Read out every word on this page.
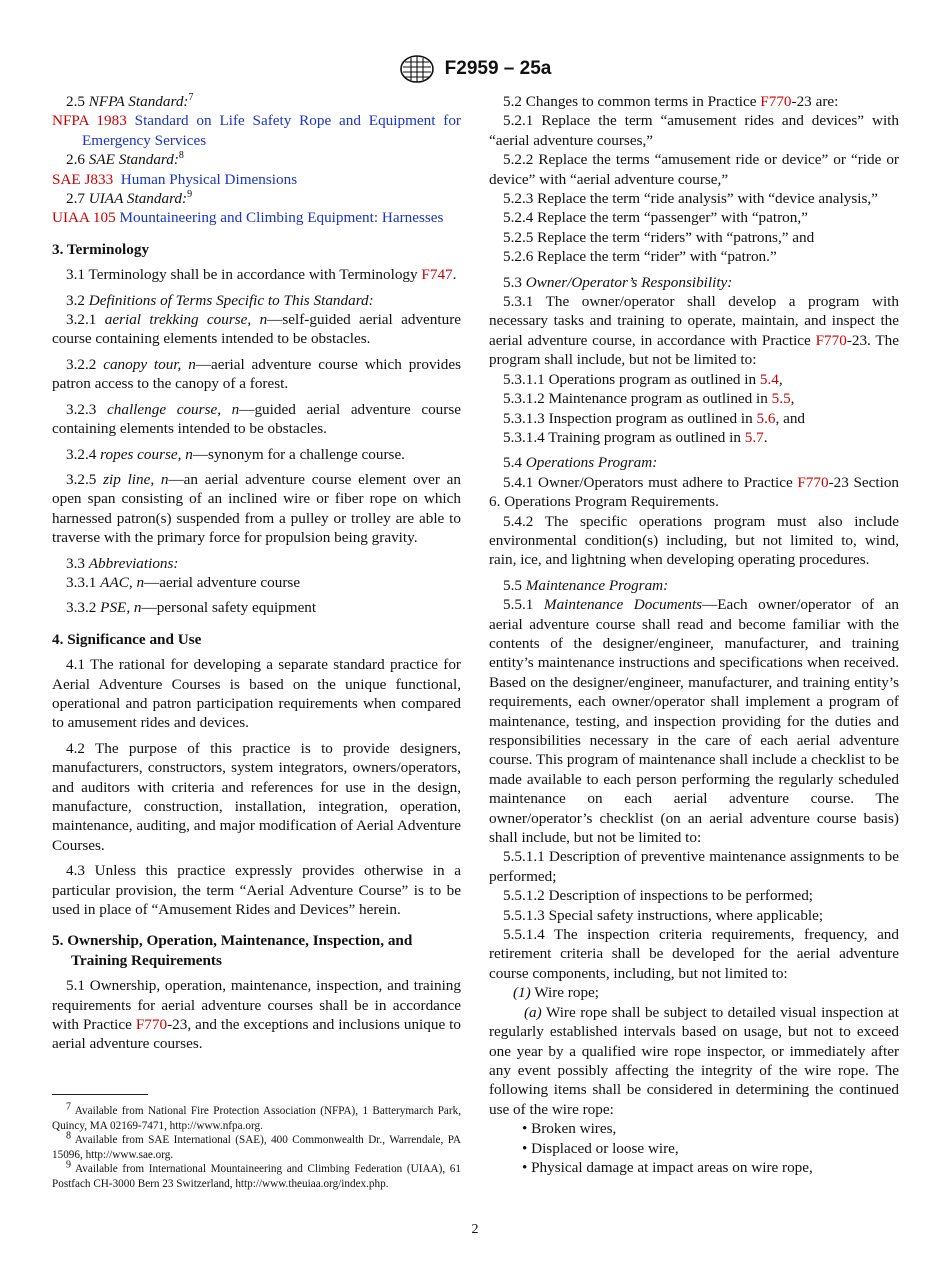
F2959 – 25a

2.5 NFPA Standard:$^7$

NFPA 1983 Standard on Life Safety Rope and Equipment for Emergency Services

2.6 SAE Standard:$^8$

SAE J833 Human Physical Dimensions

2.7 UIAA Standard:$^9$

UIAA 105 Mountaineering and Climbing Equipment: Harnesses

3. Terminology

3.1 Terminology shall be in accordance with Terminology F747.

3.2 Definitions of Terms Specific to This Standard:

3.2.1 aerial trekking course, n—self-guided aerial adventure course containing elements intended to be obstacles.

3.2.2 canopy tour, n—aerial adventure course which provides patron access to the canopy of a forest.

3.2.3 challenge course, n—guided aerial adventure course containing elements intended to be obstacles.

3.2.4 ropes course, n—synonym for a challenge course.

3.2.5 zip line, n—an aerial adventure course element over an open span consisting of an inclined wire or fiber rope on which harnessed patron(s) suspended from a pulley or trolley are able to traverse with the primary force for propulsion being gravity.

3.3 Abbreviations:

3.3.1 AAC, n—aerial adventure course

3.3.2 PSE, n—personal safety equipment

4. Significance and Use

4.1 The rational for developing a separate standard practice for Aerial Adventure Courses is based on the unique functional, operational and patron participation requirements when compared to amusement rides and devices.

4.2 The purpose of this practice is to provide designers, manufacturers, constructors, system integrators, owners/operators, and auditors with criteria and references for use in the design, manufacture, construction, installation, integration, operation, maintenance, auditing, and major modification of Aerial Adventure Courses.

4.3 Unless this practice expressly provides otherwise in a particular provision, the term “Aerial Adventure Course” is to be used in place of “Amusement Rides and Devices” herein.

5. Ownership, Operation, Maintenance, Inspection, and Training Requirements

5.1 Ownership, operation, maintenance, inspection, and training requirements for aerial adventure courses shall be in accordance with Practice F770-23, and the exceptions and inclusions unique to aerial adventure courses.

$^7$ Available from National Fire Protection Association (NFPA), 1 Batterymarch Park, Quincy, MA 02169-7471, http://www.nfpa.org.

$^8$ Available from SAE International (SAE), 400 Commonwealth Dr., Warrendale, PA 15096, http://www.sae.org.

$^9$ Available from International Mountaineering and Climbing Federation (UIAA), 61 Postfach CH-3000 Bern 23 Switzerland, http://www.theuiaa.org/index.php.

5.2 Changes to common terms in Practice F770-23 are:

5.2.1 Replace the term “amusement rides and devices” with “aerial adventure courses,”

5.2.2 Replace the terms “amusement ride or device” or “ride or device” with “aerial adventure course,”

5.2.3 Replace the term “ride analysis” with “device analysis,”

5.2.4 Replace the term “passenger” with “patron,”

5.2.5 Replace the term “riders” with “patrons,” and

5.2.6 Replace the term “rider” with “patron.”

5.3 Owner/Operator’s Responsibility:

5.3.1 The owner/operator shall develop a program with necessary tasks and training to operate, maintain, and inspect the aerial adventure course, in accordance with Practice F770-23. The program shall include, but not be limited to:

5.3.1.1 Operations program as outlined in 5.4,

5.3.1.2 Maintenance program as outlined in 5.5,

5.3.1.3 Inspection program as outlined in 5.6, and

5.3.1.4 Training program as outlined in 5.7.

5.4 Operations Program:

5.4.1 Owner/Operators must adhere to Practice F770-23 Section 6. Operations Program Requirements.

5.4.2 The specific operations program must also include environmental condition(s) including, but not limited to, wind, rain, ice, and lightning when developing operating procedures.

5.5 Maintenance Program:

5.5.1 Maintenance Documents—Each owner/operator of an aerial adventure course shall read and become familiar with the contents of the designer/engineer, manufacturer, and training entity’s maintenance instructions and specifications when received. Based on the designer/engineer, manufacturer, and training entity’s requirements, each owner/operator shall implement a program of maintenance, testing, and inspection providing for the duties and responsibilities necessary in the care of each aerial adventure course. This program of maintenance shall include a checklist to be made available to each person performing the regularly scheduled maintenance on each aerial adventure course. The owner/operator’s checklist (on an aerial adventure course basis) shall include, but not be limited to:

5.5.1.1 Description of preventive maintenance assignments to be performed;

5.5.1.2 Description of inspections to be performed;

5.5.1.3 Special safety instructions, where applicable;

5.5.1.4 The inspection criteria requirements, frequency, and retirement criteria shall be developed for the aerial adventure course components, including, but not limited to:

(1) Wire rope;

(a) Wire rope shall be subject to detailed visual inspection at regularly established intervals based on usage, but not to exceed one year by a qualified wire rope inspector, or immediately after any event possibly affecting the integrity of the wire rope. The following items shall be considered in determining the continued use of the wire rope:

• Broken wires,

• Displaced or loose wire,

• Physical damage at impact areas on wire rope,

2
